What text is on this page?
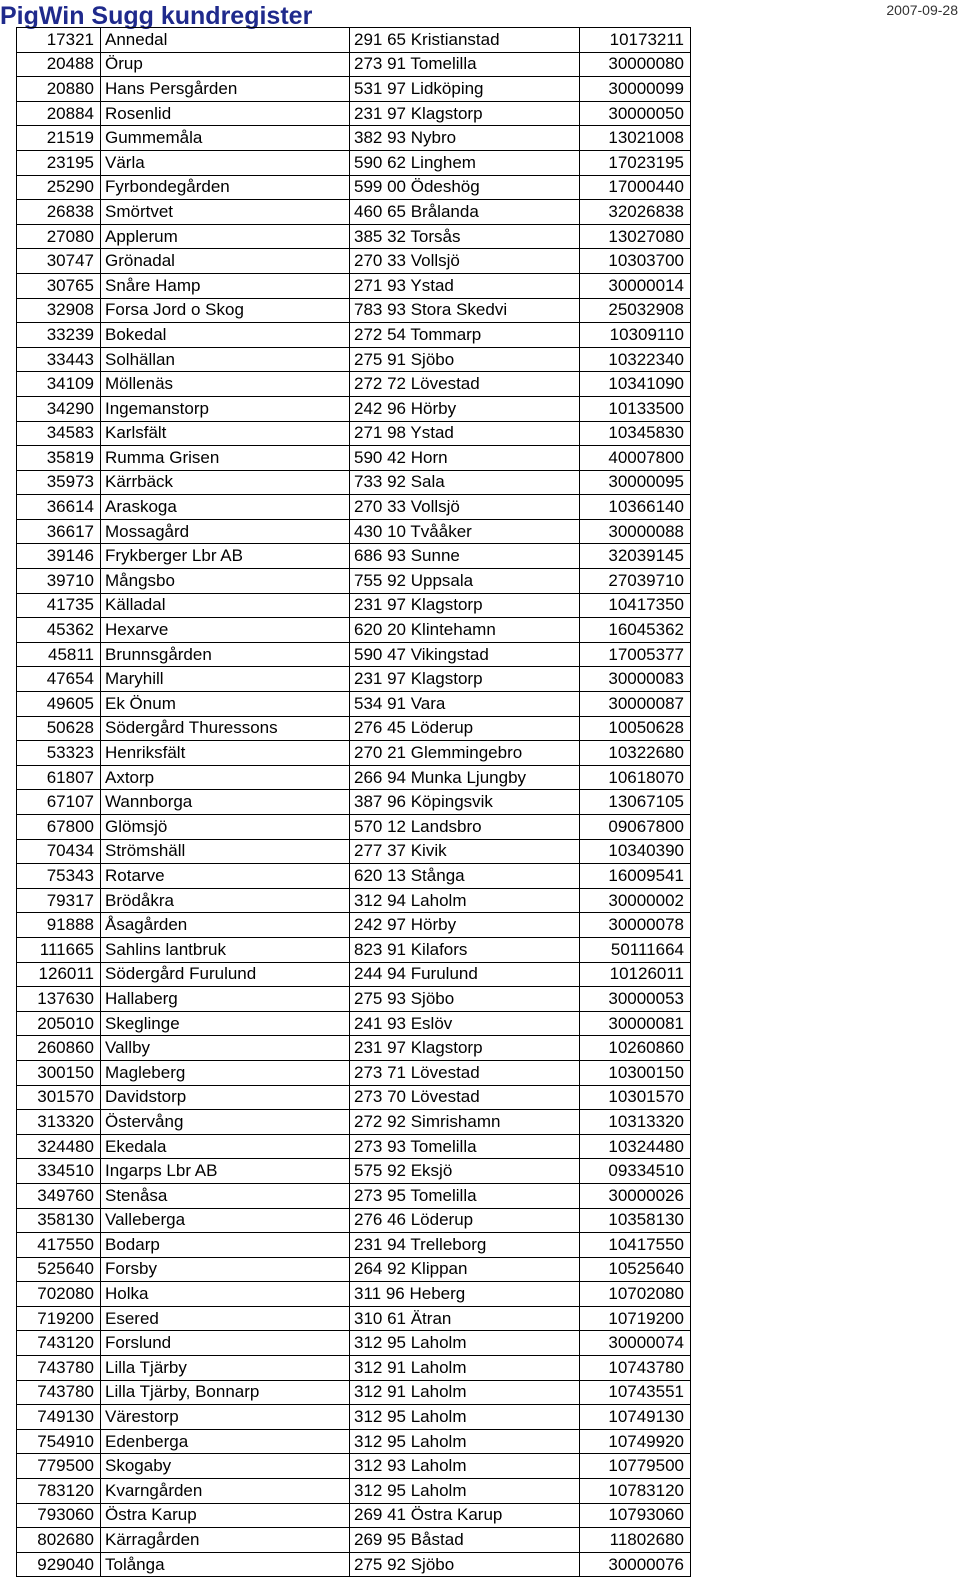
PigWin Sugg kundregister	2007-09-28
17321	Annedal	291 65 Kristianstad	10173211
20488	Örup	273 91 Tomelilla	30000080
20880	Hans Persgården	531 97 Lidköping	30000099
20884	Rosenlid	231 97 Klagstorp	30000050
21519	Gummemåla	382 93 Nybro	13021008
23195	Värla	590 62 Linghem	17023195
25290	Fyrbondegården	599 00 Ödeshög	17000440
26838	Smörtvet	460 65 Brålanda	32026838
27080	Applerum	385 32 Torsås	13027080
30747	Grönadal	270 33 Vollsjö	10303700
30765	Snåre Hamp	271 93 Ystad	30000014
32908	Forsa Jord o Skog	783 93 Stora Skedvi	25032908
33239	Bokedal	272 54 Tommarp	10309110
33443	Solhällan	275 91 Sjöbo	10322340
34109	Möllenäs	272 72 Lövestad	10341090
34290	Ingemanstorp	242 96 Hörby	10133500
34583	Karlsfält	271 98 Ystad	10345830
35819	Rumma Grisen	590 42 Horn	40007800
35973	Kärrbäck	733 92 Sala	30000095
36614	Araskoga	270 33 Vollsjö	10366140
36617	Mossagård	430 10 Tvååker	30000088
39146	Frykberger Lbr AB	686 93 Sunne	32039145
39710	Mångsbo	755 92 Uppsala	27039710
41735	Källadal	231 97 Klagstorp	10417350
45362	Hexarve	620 20 Klintehamn	16045362
45811	Brunnsgården	590 47 Vikingstad	17005377
47654	Maryhill	231 97 Klagstorp	30000083
49605	Ek Önum	534 91 Vara	30000087
50628	Södergård Thuressons	276 45 Löderup	10050628
53323	Henriksfält	270 21 Glemmingebro	10322680
61807	Axtorp	266 94 Munka Ljungby	10618070
67107	Wannborga	387 96 Köpingsvik	13067105
67800	Glömsjö	570 12 Landsbro	09067800
70434	Strömshäll	277 37 Kivik	10340390
75343	Rotarve	620 13 Stånga	16009541
79317	Brödåkra	312 94 Laholm	30000002
91888	Åsagården	242 97 Hörby	30000078
111665	Sahlins lantbruk	823 91 Kilafors	50111664
126011	Södergård Furulund	244 94 Furulund	10126011
137630	Hallaberg	275 93 Sjöbo	30000053
205010	Skeglinge	241 93 Eslöv	30000081
260860	Vallby	231 97 Klagstorp	10260860
300150	Magleberg	273 71 Lövestad	10300150
301570	Davidstorp	273 70 Lövestad	10301570
313320	Östervång	272 92 Simrishamn	10313320
324480	Ekedala	273 93 Tomelilla	10324480
334510	Ingarps Lbr AB	575 92 Eksjö	09334510
349760	Stenåsa	273 95 Tomelilla	30000026
358130	Valleberga	276 46 Löderup	10358130
417550	Bodarp	231 94 Trelleborg	10417550
525640	Forsby	264 92 Klippan	10525640
702080	Holka	311 96 Heberg	10702080
719200	Esered	310 61 Ätran	10719200
743120	Forslund	312 95 Laholm	30000074
743780	Lilla Tjärby	312 91 Laholm	10743780
743780	Lilla Tjärby, Bonnarp	312 91 Laholm	10743551
749130	Värestorp	312 95 Laholm	10749130
754910	Edenberga	312 95 Laholm	10749920
779500	Skogaby	312 93 Laholm	10779500
783120	Kvarngården	312 95 Laholm	10783120
793060	Östra Karup	269 41 Östra Karup	10793060
802680	Kärragården	269 95 Båstad	11802680
929040	Tolånga	275 92 Sjöbo	30000076
